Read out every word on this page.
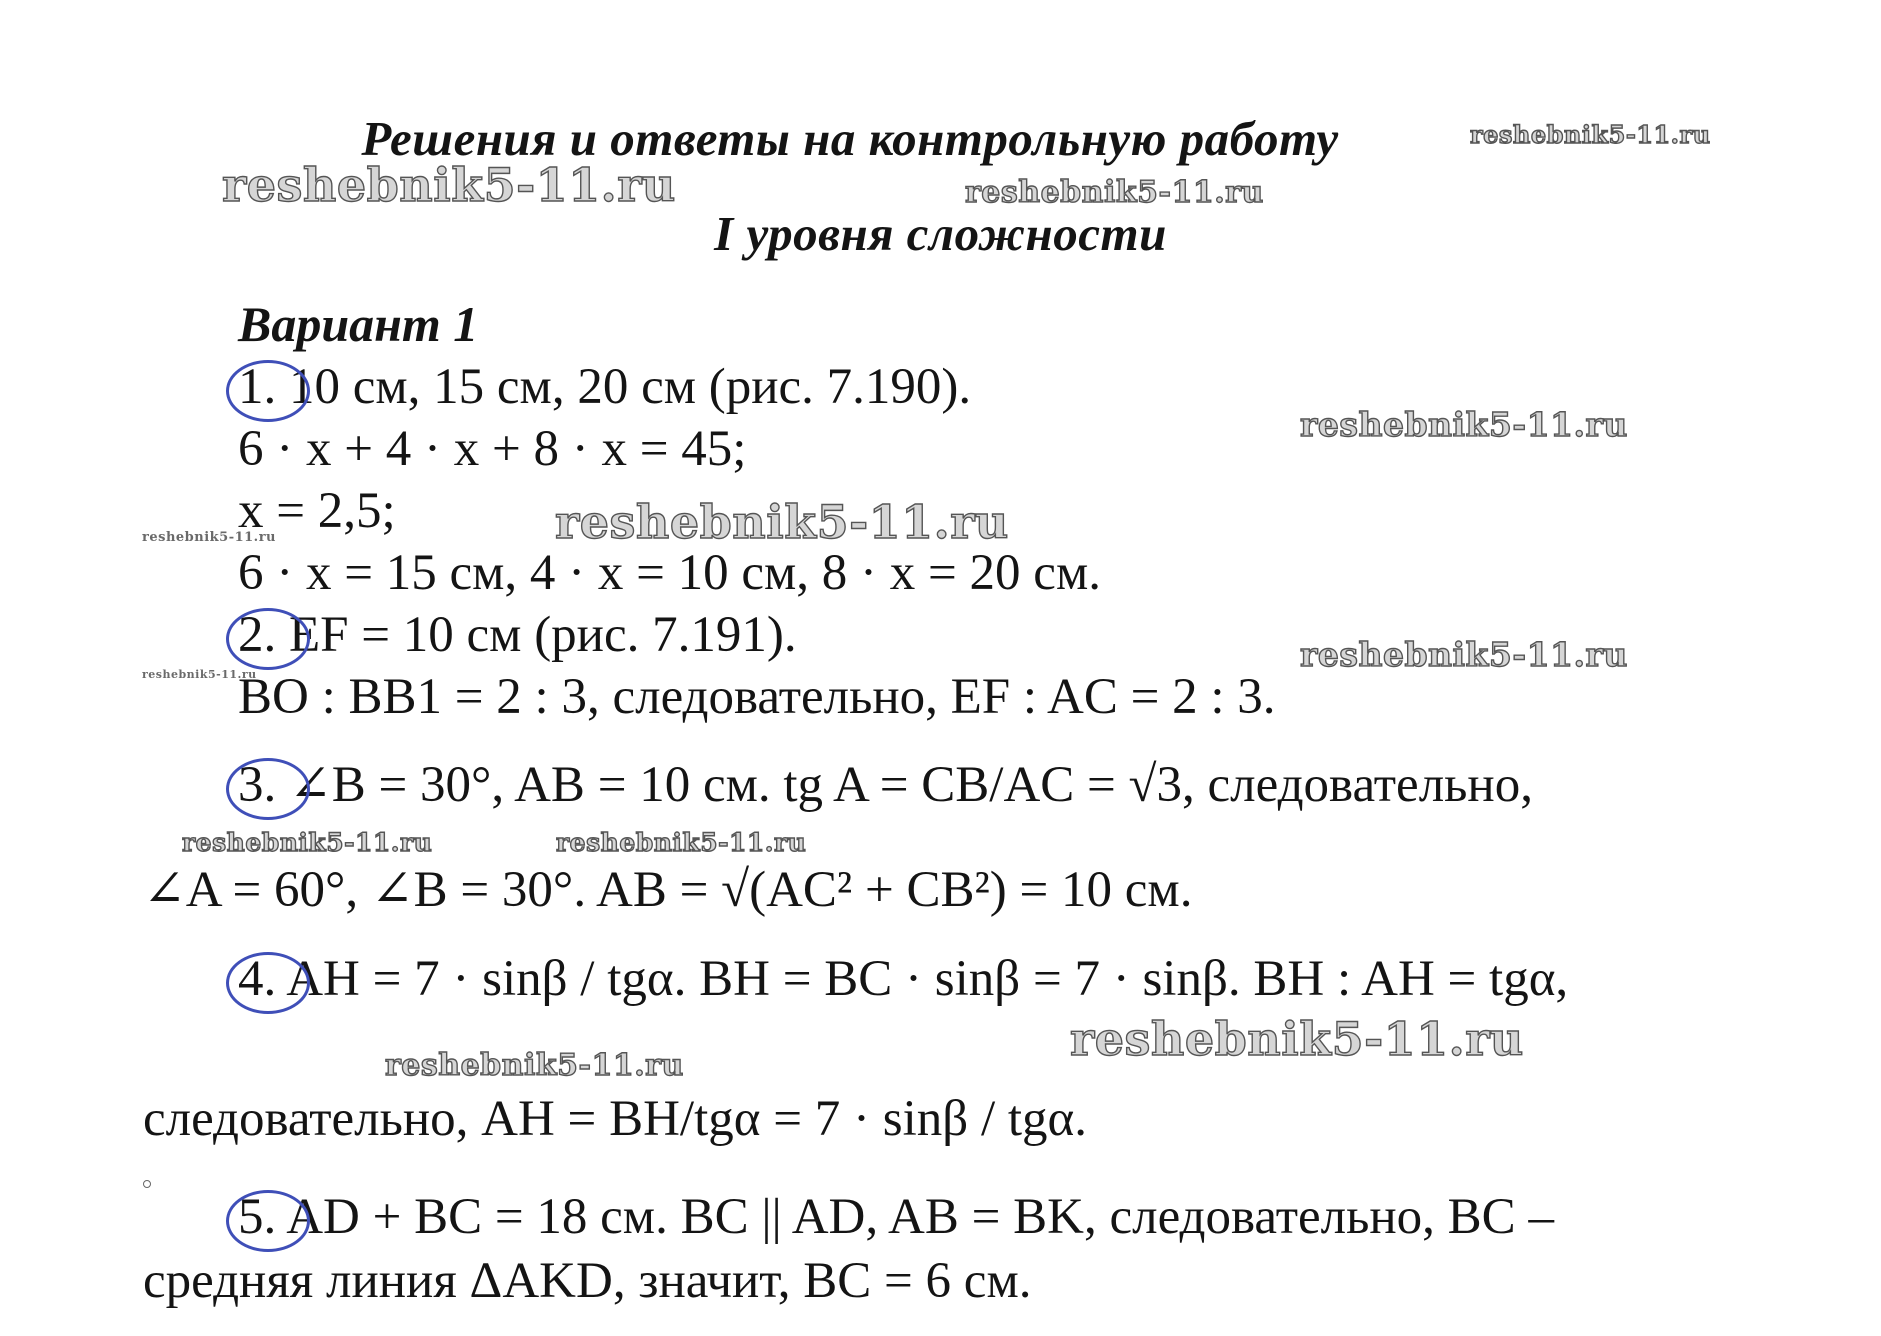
Решения и ответы на контрольную работу
I уровня сложности
reshebnik5-11.ru	reshebnik5-11.ru
reshebnik5-11.ru
reshebnik5-11.ru
reshebnik5-11.ru
reshebnik5-11.ru
reshebnik5-11.ru
reshebnik5-11.ru
reshebnik5-11.ru	reshebnik5-11.ru
reshebnik5-11.ru
reshebnik5-11.ru
Вариант 1
1. 10 см, 15 см, 20 см (рис. 7.190).
6 · x + 4 · x + 8 · x = 45;
x = 2,5;
6 · x = 15 см, 4 · x = 10 см, 8 · x = 20 см.
2. EF = 10 см (рис. 7.191).
BO : BB1 = 2 : 3, следовательно, EF : AC = 2 : 3.
3. ∠B = 30°, AB = 10 см. tg A = CB/AC = √3, следовательно,
∠A = 60°, ∠B = 30°. AB = √(AC² + CB²) = 10 см.
4. AH = 7 · sinβ / tgα. BH = BC · sinβ = 7 · sinβ. BH : AH = tgα,
следовательно, AH = BH/tgα = 7 · sinβ / tgα.
5. AD + BC = 18 см. BC || AD, AB = BK, следовательно, BC –
средняя линия ΔAKD, значит, BC = 6 см.
